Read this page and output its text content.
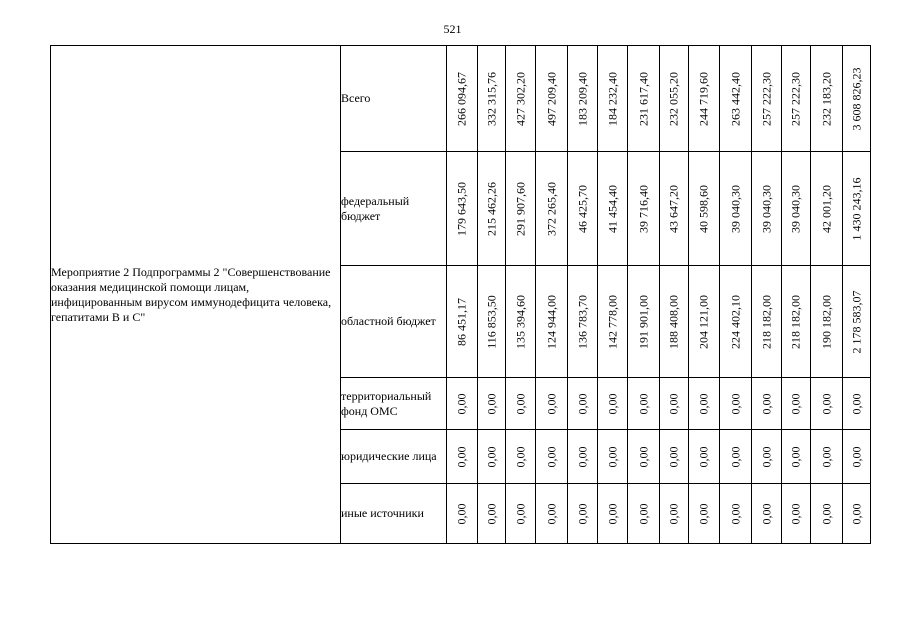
521
Мероприятие 2 Подпрограммы 2 "Совершенствование оказания медицинской помощи лицам, инфицированным вирусом иммунодефицита человека, гепатитами В и С"	Всего	266 094,67	332 315,76	427 302,20	497 209,40	183 209,40	184 232,40	231 617,40	232 055,20	244 719,60	263 442,40	257 222,30	257 222,30	232 183,20	3 608 826,23

	федеральный бюджет	179 643,50	215 462,26	291 907,60	372 265,40	46 425,70	41 454,40	39 716,40	43 647,20	40 598,60	39 040,30	39 040,30	39 040,30	42 001,20	1 430 243,16

	областной бюджет	86 451,17	116 853,50	135 394,60	124 944,00	136 783,70	142 778,00	191 901,00	188 408,00	204 121,00	224 402,10	218 182,00	218 182,00	190 182,00	2 178 583,07

	территориальный фонд ОМС	0,00	0,00	0,00	0,00	0,00	0,00	0,00	0,00	0,00	0,00	0,00	0,00	0,00	0,00

	юридические лица	0,00	0,00	0,00	0,00	0,00	0,00	0,00	0,00	0,00	0,00	0,00	0,00	0,00	0,00

	иные источники	0,00	0,00	0,00	0,00	0,00	0,00	0,00	0,00	0,00	0,00	0,00	0,00	0,00	0,00
